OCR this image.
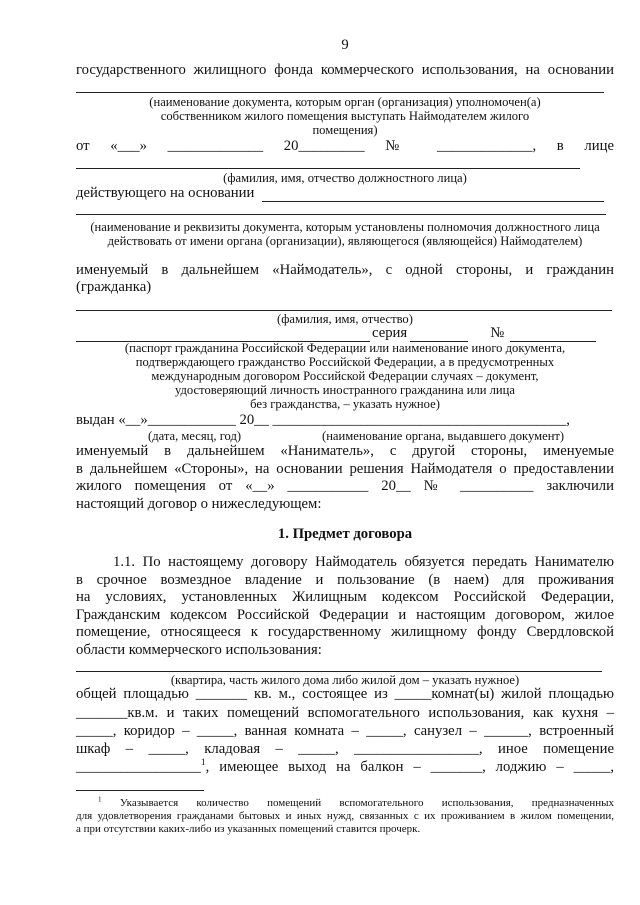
9
государственного жилищного фонда коммерческого использования, на основании
(наименование документа, которым орган (организация) уполномочен(а)
собственником жилого помещения выступать Наймодателем жилого
помещения)
от «___» _____________ 20_________ № _____________, в лице
(фамилия, имя, отчество должностного лица)
действующего на основании
(наименование и реквизиты документа, которым установлены полномочия должностного лица
действовать от имени органа (организации), являющегося (являющейся) Наймодателем)
именуемый в дальнейшем «Наймодатель», с одной стороны, и гражданин
(гражданка)
(фамилия, имя, отчество)
серия	№
(паспорт гражданина Российской Федерации или наименование иного документа,
подтверждающего гражданство Российской Федерации, а в предусмотренных
международным договором Российской Федерации случаях – документ,
удостоверяющий личность иностранного гражданина или лица
без гражданства, – указать нужное)
выдан «__»____________ 20__ ________________________________________,
(дата, месяц, год)	(наименование органа, выдавшего документ)
именуемый в дальнейшем «Наниматель», с другой стороны, именуемые
в дальнейшем «Стороны», на основании решения Наймодателя о предоставлении
жилого помещения от «__» ___________ 20__ № __________ заключили
настоящий договор о нижеследующем:
1. Предмет договора
1.1. По настоящему договору Наймодатель обязуется передать Нанимателю
в срочное возмездное владение и пользование (в наем) для проживания
на условиях, установленных Жилищным кодексом Российской Федерации,
Гражданским кодексом Российской Федерации и настоящим договором, жилое
помещение, относящееся к государственному жилищному фонду Свердловской
области коммерческого использования:
(квартира, часть жилого дома либо жилой дом – указать нужное)
общей площадью _______ кв. м., состоящее из _____комнат(ы) жилой площадью
_______кв.м. и таких помещений вспомогательного использования, как кухня –
_____, коридор – _____, ванная комната – _____, санузел – ______, встроенный
шкаф – _____, кладовая – _____, _________________, иное помещение
_________________$^1$, имеющее выход на балкон – _______, лоджию – _____,
$^1$ Указывается количество помещений вспомогательного использования, предназначенных
для удовлетворения гражданами бытовых и иных нужд, связанных с их проживанием в жилом помещении,
а при отсутствии каких-либо из указанных помещений ставится прочерк.
